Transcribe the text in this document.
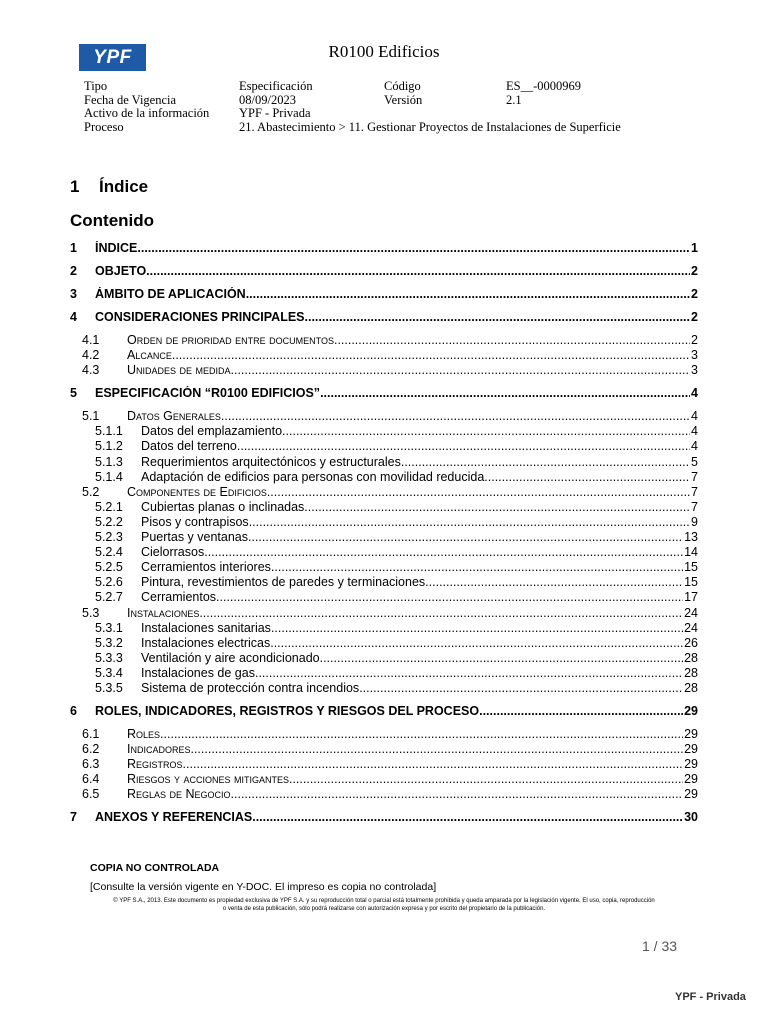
YPF	R0100 Edificios
Tipo	Especificación	Código	ES__-0000969
Fecha de Vigencia	08/09/2023	Versión	2.1
Activo de la información YPF - Privada
Proceso	21. Abastecimiento > 11. Gestionar Proyectos de Instalaciones de Superficie
1 Índice
Contenido
1 ÍNDICE .....	1
2 OBJETO .....	2
3 ÁMBITO DE APLICACIÓN .....	2
4 CONSIDERACIONES PRINCIPALES .....	2
4.1 Orden de prioridad entre documentos .....	2
4.2 Alcance .....	3
4.3 Unidades de medida .....	3
5 ESPECIFICACIÓN “R0100 EDIFICIOS” .....	4
5.1 Datos Generales .....	4
5.1.1 Datos del emplazamiento .....	4
5.1.2 Datos del terreno .....	4
5.1.3 Requerimientos arquitectónicos y estructurales .....	5
5.1.4 Adaptación de edificios para personas con movilidad reducida .....	7
5.2 Componentes de Edificios .....	7
5.2.1 Cubiertas planas o inclinadas .....	7
5.2.2 Pisos y contrapisos .....	9
5.2.3 Puertas y ventanas .....	13
5.2.4 Cielorrasos .....	14
5.2.5 Cerramientos interiores .....	15
5.2.6 Pintura, revestimientos de paredes y terminaciones .....	15
5.2.7 Cerramientos .....	17
5.3 Instalaciones .....	24
5.3.1 Instalaciones sanitarias .....	24
5.3.2 Instalaciones electricas .....	26
5.3.3 Ventilación y aire acondicionado .....	28
5.3.4 Instalaciones de gas .....	28
5.3.5 Sistema de protección contra incendios .....	28
6 ROLES, INDICADORES, REGISTROS Y RIESGOS DEL PROCESO .....	29
6.1 Roles .....	29
6.2 Indicadores .....	29
6.3 Registros .....	29
6.4 Riesgos y acciones mitigantes .....	29
6.5 Reglas de Negocio .....	29
7 ANEXOS Y REFERENCIAS .....	30
COPIA NO CONTROLADA
[Consulte la versión vigente en Y-DOC. El impreso es copia no controlada]
© YPF S.A., 2013. Este documento es propiedad exclusiva de YPF S.A. y su reproducción total o parcial está totalmente prohibida y queda amparada por la legislación vigente. El uso, copia, reproducción
o venta de esta publicación, sólo podrá realizarse con autorización expresa y por escrito del propietario de la publicación.
1 / 33
YPF - Privada
